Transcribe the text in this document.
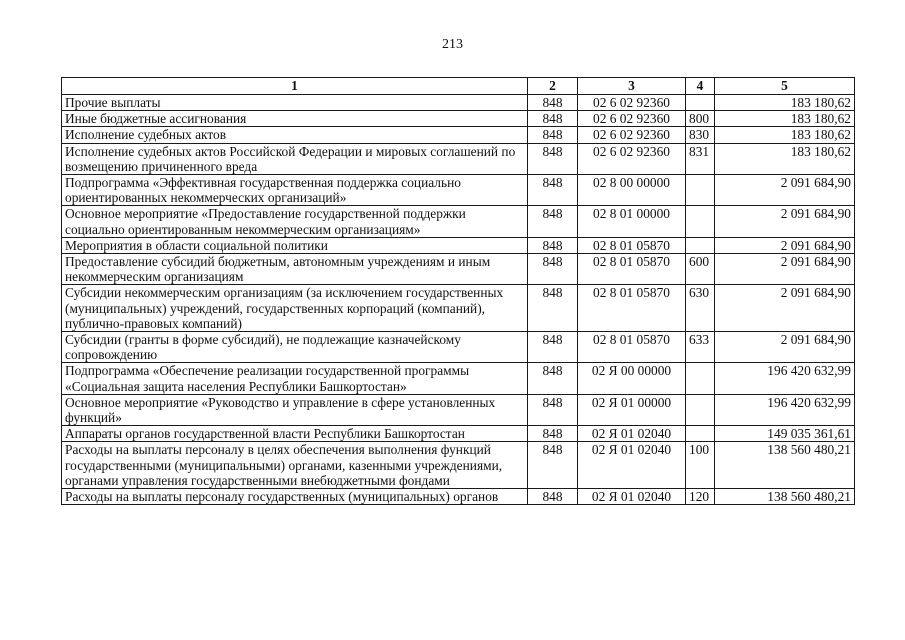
213
1	2	3	4	5
Прочие выплаты	848	02 6 02 92360		183 180,62
Иные бюджетные ассигнования	848	02 6 02 92360	800	183 180,62
Исполнение судебных актов	848	02 6 02 92360	830	183 180,62
Исполнение судебных актов Российской Федерации и мировых соглашений по возмещению причиненного вреда	848	02 6 02 92360	831	183 180,62
Подпрограмма «Эффективная государственная поддержка социально ориентированных некоммерческих организаций»	848	02 8 00 00000		2 091 684,90
Основное мероприятие «Предоставление государственной поддержки социально ориентированным некоммерческим организациям»	848	02 8 01 00000		2 091 684,90
Мероприятия в области социальной политики	848	02 8 01 05870		2 091 684,90
Предоставление субсидий бюджетным, автономным учреждениям и иным некоммерческим организациям	848	02 8 01 05870	600	2 091 684,90
Субсидии некоммерческим организациям (за исключением государственных (муниципальных) учреждений, государственных корпораций (компаний), публично-правовых компаний)	848	02 8 01 05870	630	2 091 684,90
Субсидии (гранты в форме субсидий), не подлежащие казначейскому сопровождению	848	02 8 01 05870	633	2 091 684,90
Подпрограмма «Обеспечение реализации государственной программы «Социальная защита населения Республики Башкортостан»	848	02 Я 00 00000		196 420 632,99
Основное мероприятие «Руководство и управление в сфере установленных функций»	848	02 Я 01 00000		196 420 632,99
Аппараты органов государственной власти Республики Башкортостан	848	02 Я 01 02040		149 035 361,61
Расходы на выплаты персоналу в целях обеспечения выполнения функций государственными (муниципальными) органами, казенными учреждениями, органами управления государственными внебюджетными фондами	848	02 Я 01 02040	100	138 560 480,21
Расходы на выплаты персоналу государственных (муниципальных) органов	848	02 Я 01 02040	120	138 560 480,21
